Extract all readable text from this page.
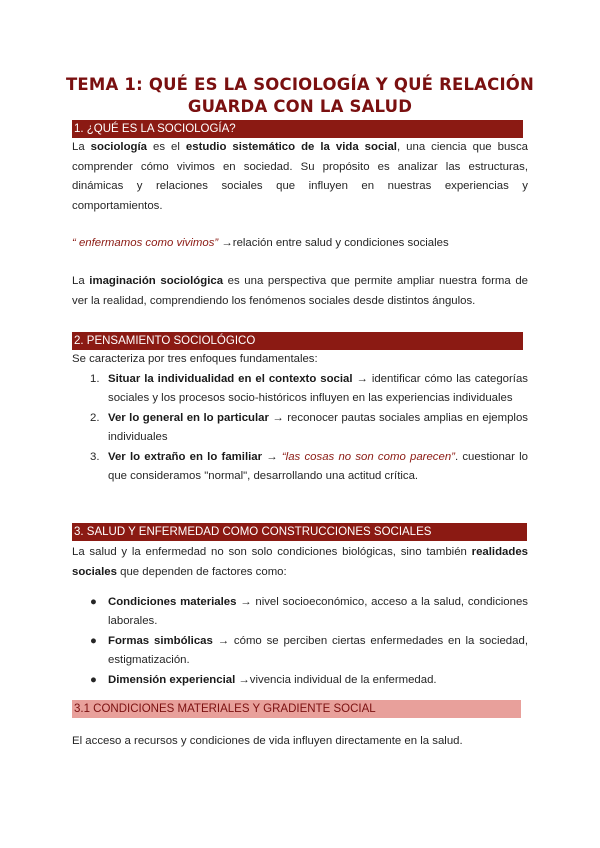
TEMA 1: QUÉ ES LA SOCIOLOGÍA Y QUÉ RELACIÓN
GUARDA CON LA SALUD
1. ¿QUÉ ES LA SOCIOLOGÍA?
La sociología es el estudio sistemático de la vida social, una ciencia que busca comprender cómo vivimos en sociedad. Su propósito es analizar las estructuras, dinámicas y relaciones sociales que influyen en nuestras experiencias y comportamientos.
“ enfermamos como vivimos” →relación entre salud y condiciones sociales
La imaginación sociológica es una perspectiva que permite ampliar nuestra forma de ver la realidad, comprendiendo los fenómenos sociales desde distintos ángulos.
2. PENSAMIENTO SOCIOLÓGICO
Se caracteriza por tres enfoques fundamentales:
1. Situar la individualidad en el contexto social → identificar cómo las categorías sociales y los procesos socio-históricos influyen en las experiencias individuales
2. Ver lo general en lo particular → reconocer pautas sociales amplias en ejemplos individuales
3. Ver lo extraño en lo familiar → “las cosas no son como parecen”. cuestionar lo que consideramos "normal", desarrollando una actitud crítica.
3. SALUD Y ENFERMEDAD COMO CONSTRUCCIONES SOCIALES
La salud y la enfermedad no son solo condiciones biológicas, sino también realidades sociales que dependen de factores como:
● Condiciones materiales → nivel socioeconómico, acceso a la salud, condiciones laborales.
● Formas simbólicas → cómo se perciben ciertas enfermedades en la sociedad, estigmatización.
● Dimensión experiencial →vivencia individual de la enfermedad.
3.1 CONDICIONES MATERIALES Y GRADIENTE SOCIAL
El acceso a recursos y condiciones de vida influyen directamente en la salud.
